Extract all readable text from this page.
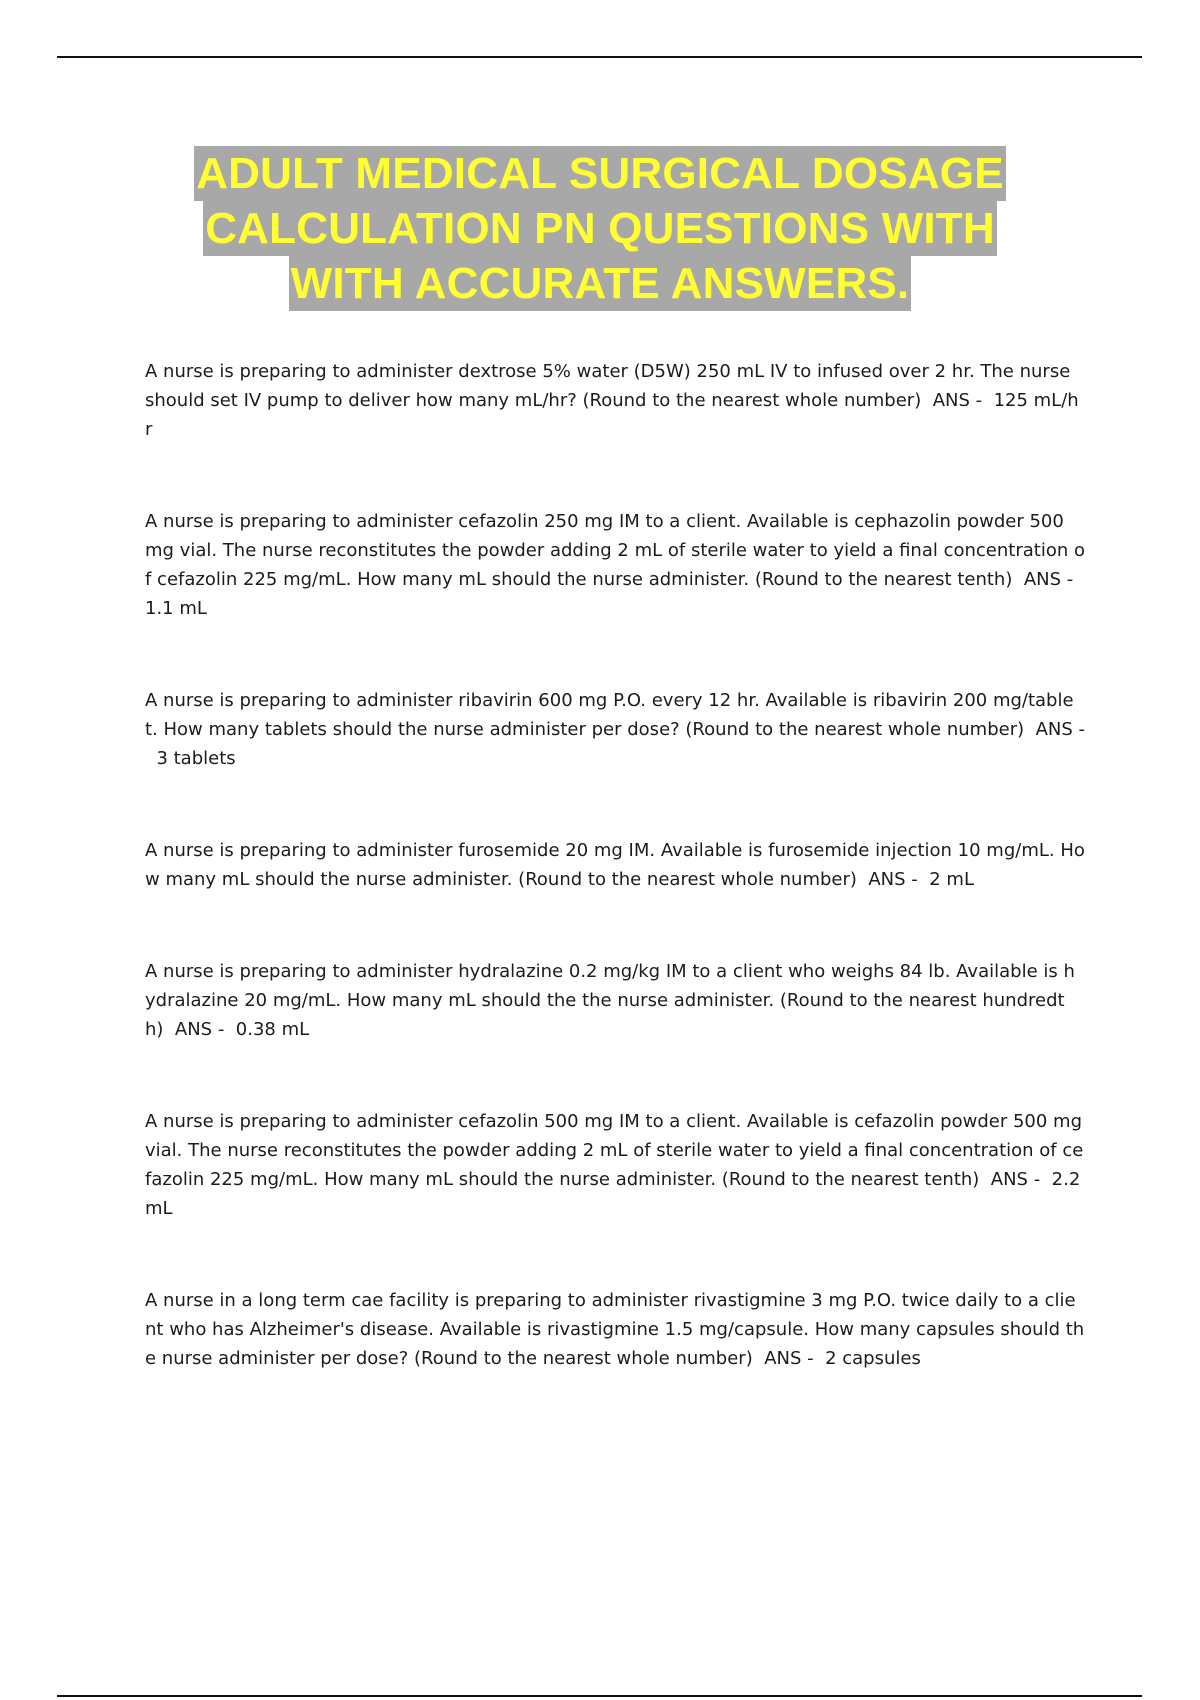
ADULT MEDICAL SURGICAL DOSAGE
CALCULATION PN QUESTIONS WITH
WITH ACCURATE ANSWERS.

A nurse is preparing to administer dextrose 5% water (D5W) 250 mL IV to infused over 2 hr. The nurse should set IV pump to deliver how many mL/hr? (Round to the nearest whole number) ANS - 125 mL/hr

A nurse is preparing to administer cefazolin 250 mg IM to a client. Available is cephazolin powder 500 mg vial. The nurse reconstitutes the powder adding 2 mL of sterile water to yield a final concentration of cefazolin 225 mg/mL. How many mL should the nurse administer. (Round to the nearest tenth) ANS -  1.1 mL

A nurse is preparing to administer ribavirin 600 mg P.O. every 12 hr. Available is ribavirin 200 mg/tablet. How many tablets should the nurse administer per dose? (Round to the nearest whole number) ANS -  3 tablets

A nurse is preparing to administer furosemide 20 mg IM. Available is furosemide injection 10 mg/mL. How many mL should the nurse administer. (Round to the nearest whole number) ANS - 2 mL

A nurse is preparing to administer hydralazine 0.2 mg/kg IM to a client who weighs 84 lb. Available is hydralazine 20 mg/mL. How many mL should the the nurse administer. (Round to the nearest hundredth) ANS - 0.38 mL

A nurse is preparing to administer cefazolin 500 mg IM to a client. Available is cefazolin powder 500 mg vial. The nurse reconstitutes the powder adding 2 mL of sterile water to yield a final concentration of cefazolin 225 mg/mL. How many mL should the nurse administer. (Round to the nearest tenth) ANS - 2.2 mL

A nurse in a long term cae facility is preparing to administer rivastigmine 3 mg P.O. twice daily to a client who has Alzheimer's disease. Available is rivastigmine 1.5 mg/capsule. How many capsules should the nurse administer per dose? (Round to the nearest whole number) ANS - 2 capsules
